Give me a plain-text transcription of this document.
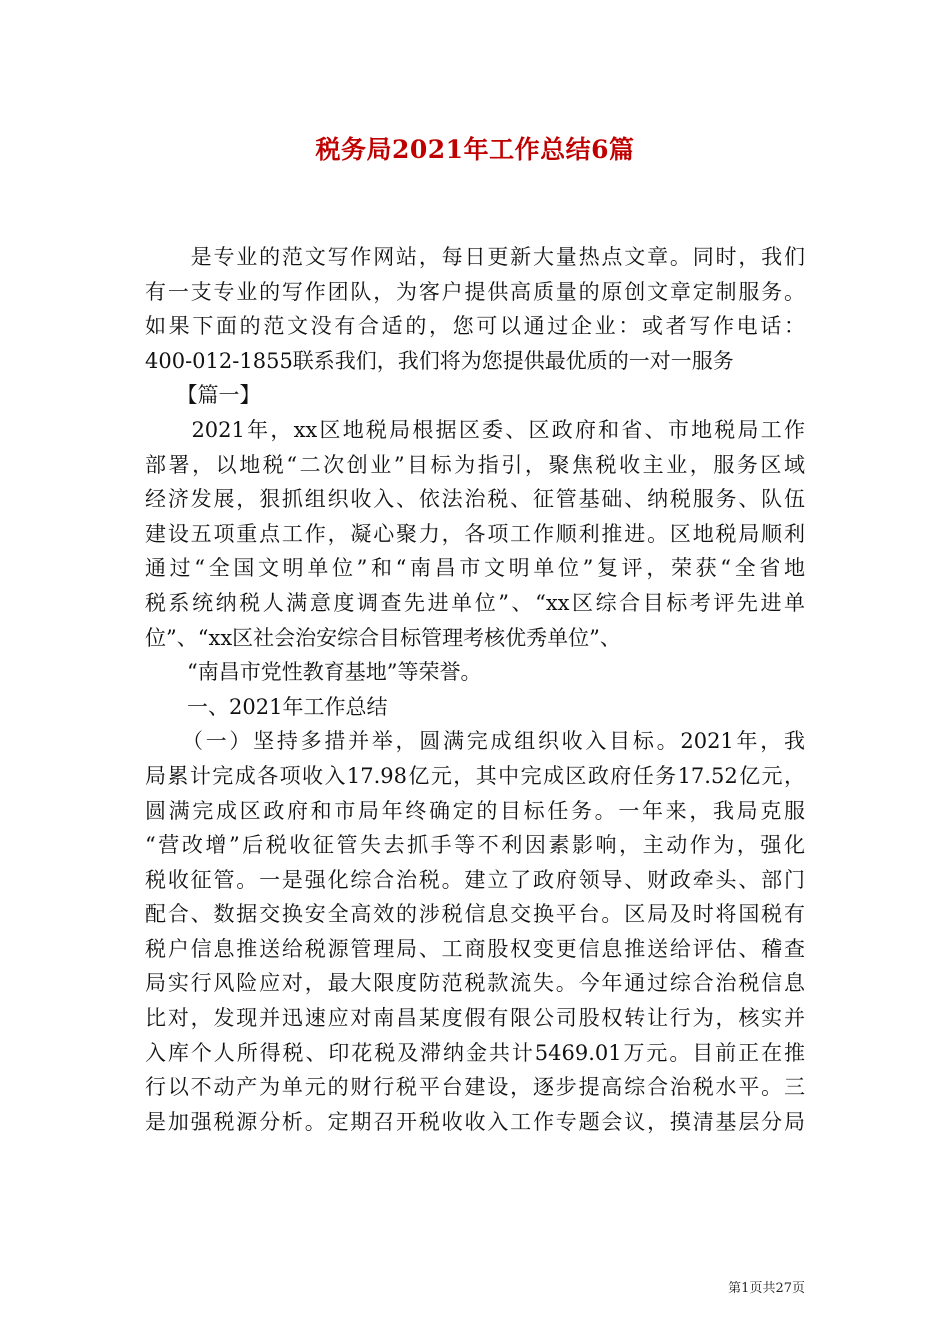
税务局2021年工作总结6篇
　　是专业的范文写作网站，每日更新大量热点文章。同时，我们
有一支专业的写作团队，为客户提供高质量的原创文章定制服务。
如果下面的范文没有合适的，您可以通过企业：或者写作电话：
400-012-1855联系我们，我们将为您提供最优质的一对一服务
　　【篇一】
　　2021年，xx区地税局根据区委、区政府和省、市地税局工作
部署，以地税“二次创业”目标为指引，聚焦税收主业，服务区域
经济发展，狠抓组织收入、依法治税、征管基础、纳税服务、队伍
建设五项重点工作，凝心聚力，各项工作顺利推进。区地税局顺利
通过“全国文明单位”和“南昌市文明单位”复评，荣获“全省地
税系统纳税人满意度调查先进单位”、“xx区综合目标考评先进单
位”、“xx区社会治安综合目标管理考核优秀单位”、
　　“南昌市党性教育基地”等荣誉。
　　一、2021年工作总结
　　（一）坚持多措并举，圆满完成组织收入目标。2021年，我
局累计完成各项收入17.98亿元，其中完成区政府任务17.52亿元，
圆满完成区政府和市局年终确定的目标任务。一年来，我局克服
“营改增”后税收征管失去抓手等不利因素影响，主动作为，强化
税收征管。一是强化综合治税。建立了政府领导、财政牵头、部门
配合、数据交换安全高效的涉税信息交换平台。区局及时将国税有
税户信息推送给税源管理局、工商股权变更信息推送给评估、稽查
局实行风险应对，最大限度防范税款流失。今年通过综合治税信息
比对，发现并迅速应对南昌某度假有限公司股权转让行为，核实并
入库个人所得税、印花税及滞纳金共计5469.01万元。目前正在推
行以不动产为单元的财行税平台建设，逐步提高综合治税水平。三
是加强税源分析。定期召开税收收入工作专题会议，摸清基层分局
第1页共27页
